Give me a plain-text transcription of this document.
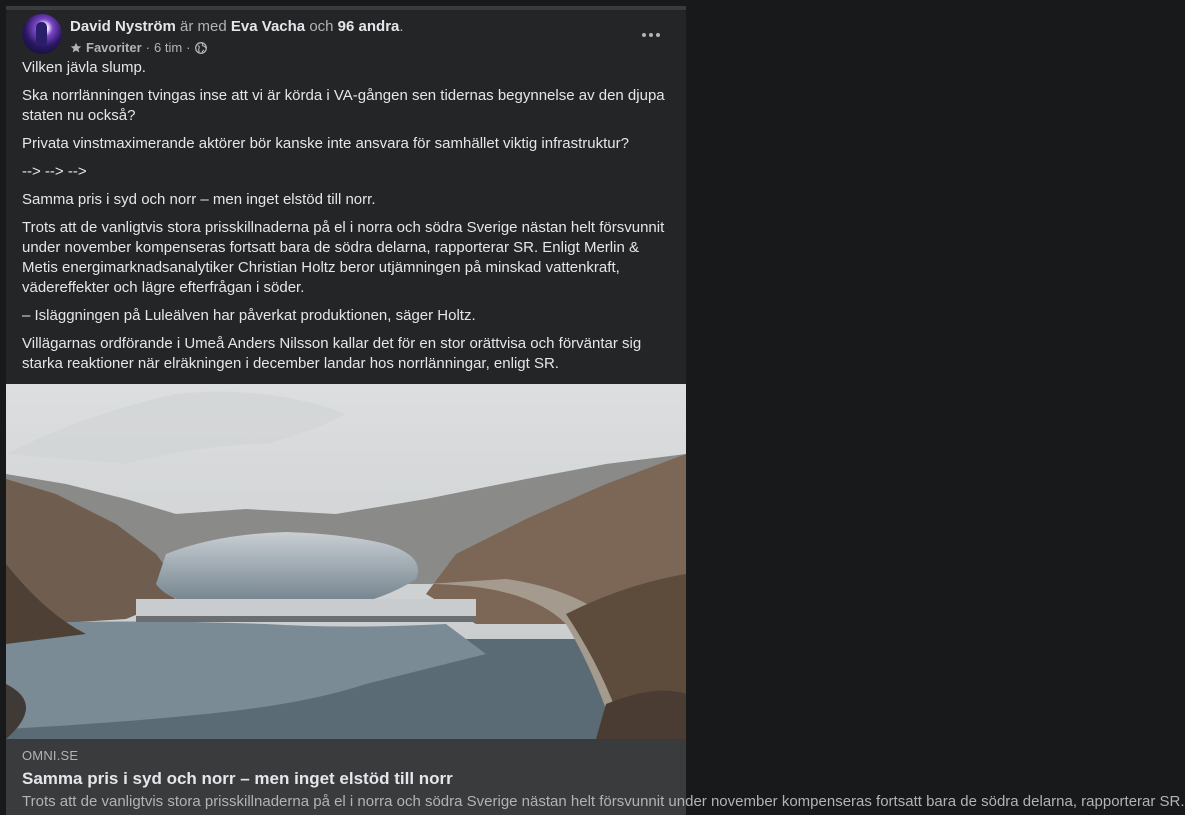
David Nyström är med Eva Vacha och 96 andra.
Favoriter · 6 tim ·

Vilken jävla slump.

Ska norrlänningen tvingas inse att vi är körda i VA-gången sen tidernas begynnelse av den djupa staten nu också?

Privata vinstmaximerande aktörer bör kanske inte ansvara för samhället viktig infrastruktur?

--> --> -->

Samma pris i syd och norr – men inget elstöd till norr.

Trots att de vanligtvis stora prisskillnaderna på el i norra och södra Sverige nästan helt försvunnit under november kompenseras fortsatt bara de södra delarna, rapporterar SR. Enligt Merlin & Metis energimarknadsanalytiker Christian Holtz beror utjämningen på minskad vattenkraft, vädereffekter och lägre efterfrågan i söder.

– Isläggningen på Luleälven har påverkat produktionen, säger Holtz.

Villägarnas ordförande i Umeå Anders Nilsson kallar det för en stor orättvisa och förväntar sig starka reaktioner när elräkningen i december landar hos norrlänningar, enligt SR.

OMNI.SE
Samma pris i syd och norr – men inget elstöd till norr
Trots att de vanligtvis stora prisskillnaderna på el i norra och södra Sverige nästan helt försvunnit under november kompenseras fortsatt bara de södra delarna, rapporterar SR.
